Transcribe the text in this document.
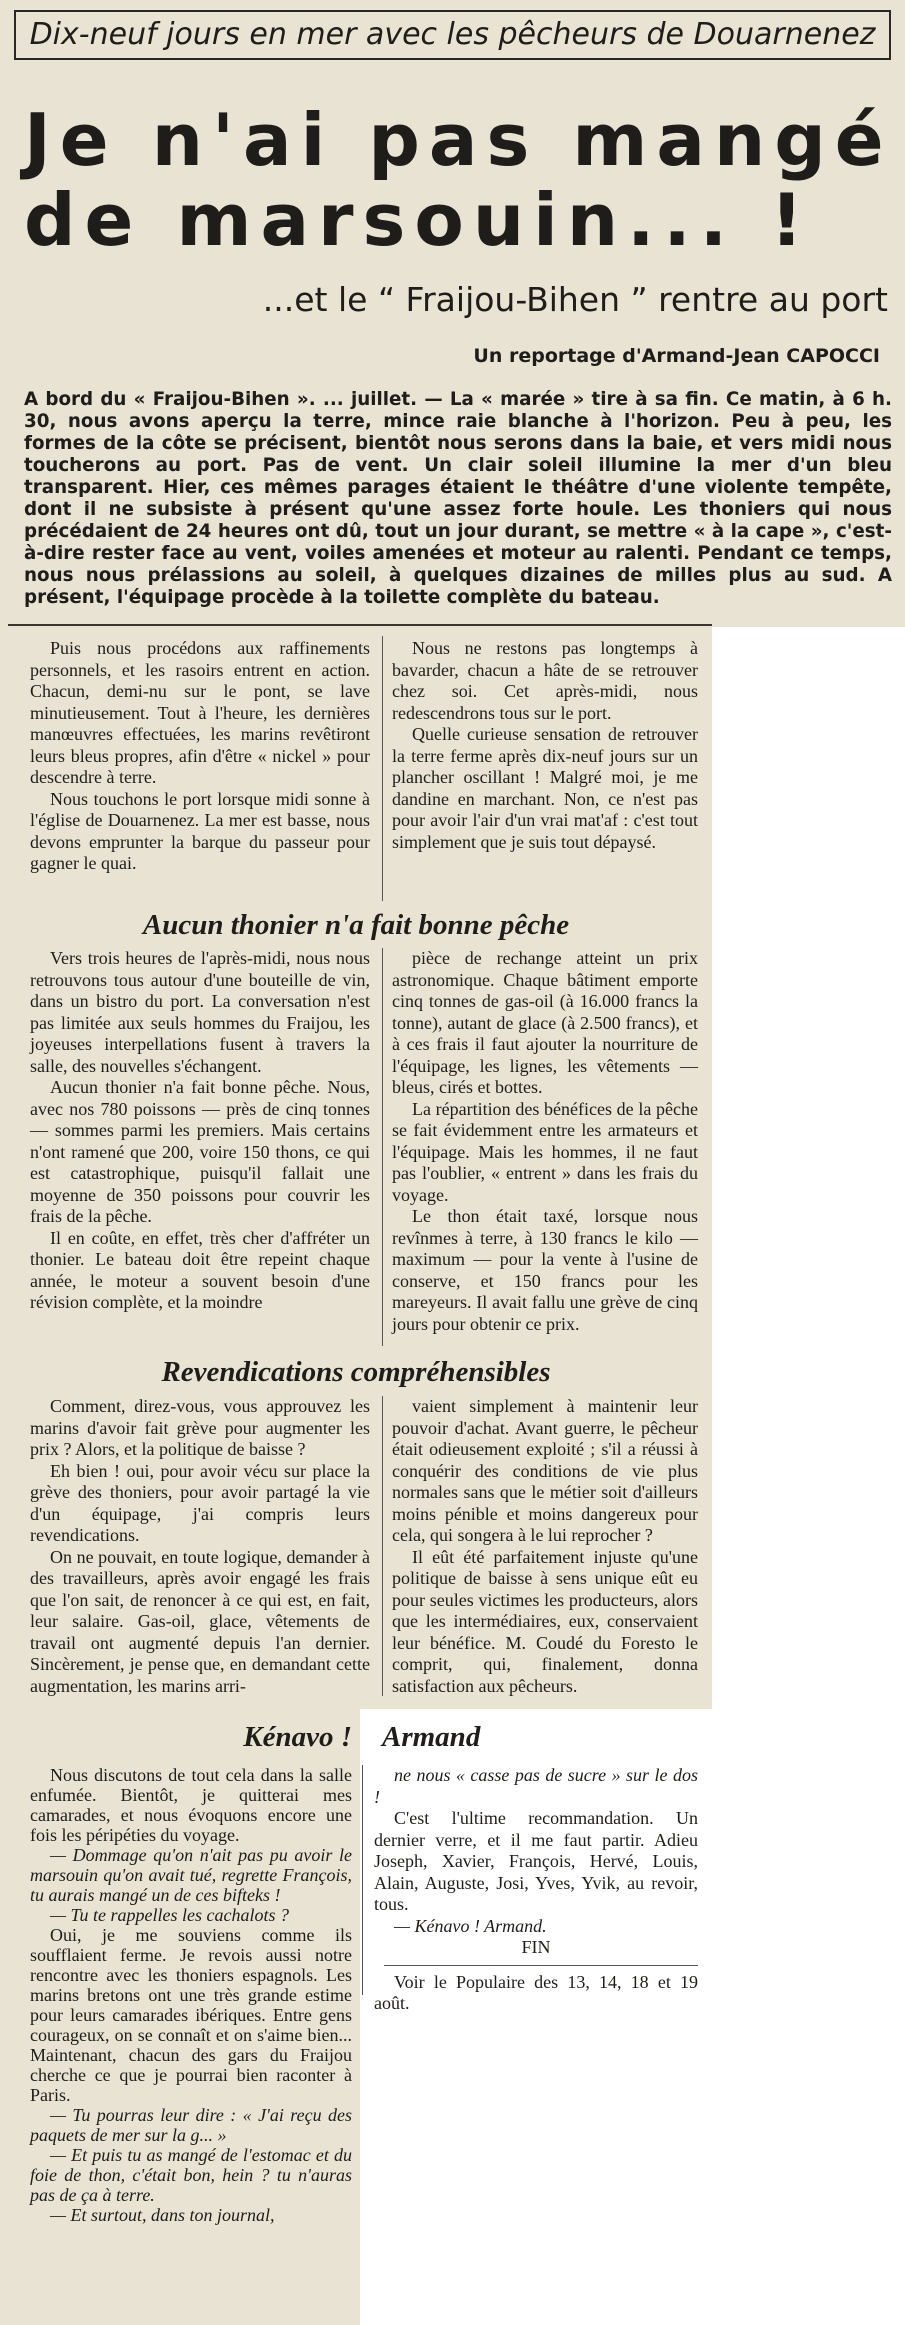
Dix-neuf jours en mer avec les pêcheurs de Douarnenez
Je n'ai pas mangé
de marsouin... !
...et le “ Fraijou-Bihen ” rentre au port
Un reportage d'Armand-Jean CAPOCCI

A bord du « Fraijou-Bihen ». ... juillet. — La « marée » tire à sa fin. Ce matin, à 6 h. 30, nous avons aperçu la terre, mince raie blanche à l'horizon. Peu à peu, les formes de la côte se précisent, bientôt nous serons dans la baie, et vers midi nous toucherons au port. Pas de vent. Un clair soleil illumine la mer d'un bleu transparent. Hier, ces mêmes parages étaient le théâtre d'une violente tempête, dont il ne subsiste à présent qu'une assez forte houle. Les thoniers qui nous précédaient de 24 heures ont dû, tout un jour durant, se mettre « à la cape », c'est-à-dire rester face au vent, voiles amenées et moteur au ralenti. Pendant ce temps, nous nous prélassions au soleil, à quelques dizaines de milles plus au sud. A présent, l'équipage procède à la toilette complète du bateau.

Puis nous procédons aux raffinements personnels, et les rasoirs entrent en action. Chacun, demi-nu sur le pont, se lave minutieusement. Tout à l'heure, les dernières manœuvres effectuées, les marins revêtiront leurs bleus propres, afin d'être « nickel » pour descendre à terre.

Nous touchons le port lorsque midi sonne à l'église de Douarnenez. La mer est basse, nous devons emprunter la barque du passeur pour gagner le quai.

Nous ne restons pas longtemps à bavarder, chacun a hâte de se retrouver chez soi. Cet après-midi, nous redescendrons tous sur le port.

Quelle curieuse sensation de retrouver la terre ferme après dix-neuf jours sur un plancher oscillant ! Malgré moi, je me dandine en marchant. Non, ce n'est pas pour avoir l'air d'un vrai mat'af : c'est tout simplement que je suis tout dépaysé.

Aucun thonier n'a fait bonne pêche

Vers trois heures de l'après-midi, nous nous retrouvons tous autour d'une bouteille de vin, dans un bistro du port. La conversation n'est pas limitée aux seuls hommes du Fraijou, les joyeuses interpellations fusent à travers la salle, des nouvelles s'échangent.

Aucun thonier n'a fait bonne pêche. Nous, avec nos 780 poissons — près de cinq tonnes — sommes parmi les premiers. Mais certains n'ont ramené que 200, voire 150 thons, ce qui est catastrophique, puisqu'il fallait une moyenne de 350 poissons pour couvrir les frais de la pêche.

Il en coûte, en effet, très cher d'affréter un thonier. Le bateau doit être repeint chaque année, le moteur a souvent besoin d'une révision complète, et la moindre

pièce de rechange atteint un prix astronomique. Chaque bâtiment emporte cinq tonnes de gas-oil (à 16.000 francs la tonne), autant de glace (à 2.500 francs), et à ces frais il faut ajouter la nourriture de l'équipage, les lignes, les vêtements — bleus, cirés et bottes.

La répartition des bénéfices de la pêche se fait évidemment entre les armateurs et l'équipage. Mais les hommes, il ne faut pas l'oublier, « entrent » dans les frais du voyage.

Le thon était taxé, lorsque nous revînmes à terre, à 130 francs le kilo — maximum — pour la vente à l'usine de conserve, et 150 francs pour les mareyeurs. Il avait fallu une grève de cinq jours pour obtenir ce prix.

Revendications compréhensibles

Comment, direz-vous, vous approuvez les marins d'avoir fait grève pour augmenter les prix ? Alors, et la politique de baisse ?

Eh bien ! oui, pour avoir vécu sur place la grève des thoniers, pour avoir partagé la vie d'un équipage, j'ai compris leurs revendications.

On ne pouvait, en toute logique, demander à des travailleurs, après avoir engagé les frais que l'on sait, de renoncer à ce qui est, en fait, leur salaire. Gas-oil, glace, vêtements de travail ont augmenté depuis l'an dernier. Sincèrement, je pense que, en demandant cette augmentation, les marins arri-

vaient simplement à maintenir leur pouvoir d'achat. Avant guerre, le pêcheur était odieusement exploité ; s'il a réussi à conquérir des conditions de vie plus normales sans que le métier soit d'ailleurs moins pénible et moins dangereux pour cela, qui songera à le lui reprocher ?

Il eût été parfaitement injuste qu'une politique de baisse à sens unique eût eu pour seules victimes les producteurs, alors que les intermédiaires, eux, conservaient leur bénéfice. M. Coudé du Foresto le comprit, qui, finalement, donna satisfaction aux pêcheurs.

Kénavo !	Armand

Nous discutons de tout cela dans la salle enfumée. Bientôt, je quitterai mes camarades, et nous évoquons encore une fois les péripéties du voyage.

— Dommage qu'on n'ait pas pu avoir le marsouin qu'on avait tué, regrette François, tu aurais mangé un de ces bifteks !

— Tu te rappelles les cachalots ?

Oui, je me souviens comme ils soufflaient ferme. Je revois aussi notre rencontre avec les thoniers espagnols. Les marins bretons ont une très grande estime pour leurs camarades ibériques. Entre gens courageux, on se connaît et on s'aime bien... Maintenant, chacun des gars du Fraijou cherche ce que je pourrai bien raconter à Paris.

— Tu pourras leur dire : « J'ai reçu des paquets de mer sur la g... »

— Et puis tu as mangé de l'estomac et du foie de thon, c'était bon, hein ? tu n'auras pas de ça à terre.

— Et surtout, dans ton journal,

ne nous « casse pas de sucre » sur le dos !

C'est l'ultime recommandation. Un dernier verre, et il me faut partir. Adieu Joseph, Xavier, François, Hervé, Louis, Alain, Auguste, Josi, Yves, Yvik, au revoir, tous.

— Kénavo ! Armand.

FIN

Voir le Populaire des 13, 14, 18 et 19 août.
